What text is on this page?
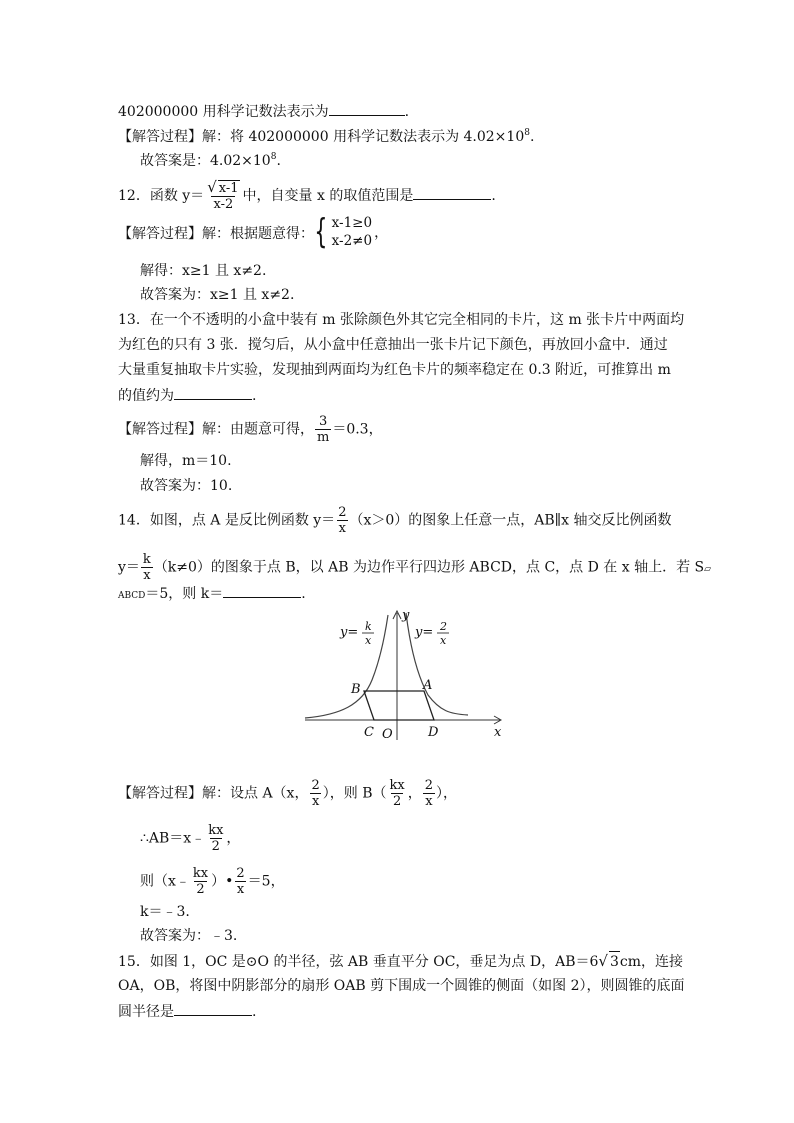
402000000 用科学记数法表示为	.
【解答过程】解：将 402000000 用科学记数法表示为 $4.02\times 10^8$.
故答案是：$4.02\times 10^8$.
12．函数 $y= \frac{√ x-1}{x-2}$ 中，自变量 x 的取值范围是	.
【解答过程】解：根据题意得： { x-1≥0
x-2≠0 ，
解得：x≥1 且 x≠2.
故答案为：x≥1 且 x≠2.
13．在一个不透明的小盒中装有 m 张除颜色外其它完全相同的卡片，这 m 张卡片中两面均
为红色的只有 3 张．搅匀后，从小盒中任意抽出一张卡片记下颜色，再放回小盒中．通过
大量重复抽取卡片实验，发现抽到两面均为红色卡片的频率稳定在 0.3 附近，可推算出 m
的值约为	.
【解答过程】解：由题意可得， $\frac{3}{m} =0.3$，
解得，m＝10.
故答案为：10.
14．如图，点 A 是反比例函数 $y= \frac{2}{x} (x>0)$的图象上任意一点，AB∥x 轴交反比例函数
$y= \frac{k}{x} (k\ne 0)$的图象于点 B，以 AB 为边作平行四边形 ABCD，点 C，点 D 在 x 轴上．若 S▱
ABCD＝5，则 k＝	.
y= k
x
y= 2
x
y
x
B	A
C O	D
【解答过程】解：设点 A（x， $\frac{2}{x}$ ），则 $B( \frac{kx}{2}$ ， $\frac{2}{x}$ ），
∴AB＝x﹣ $\frac{kx}{2}$ ，
则（x﹣ $\frac{kx}{2}$ ）• $\frac{2}{x} =5$，
k＝﹣3.
故答案为：﹣3.
15．如图 1，OC 是⊙O 的半径，弦 AB 垂直平分 OC，垂足为点 D，AB＝6√ 3cm，连接
OA，OB，将图中阴影部分的扇形 OAB 剪下围成一个圆锥的侧面（如图 2），则圆锥的底面
圆半径是	.
